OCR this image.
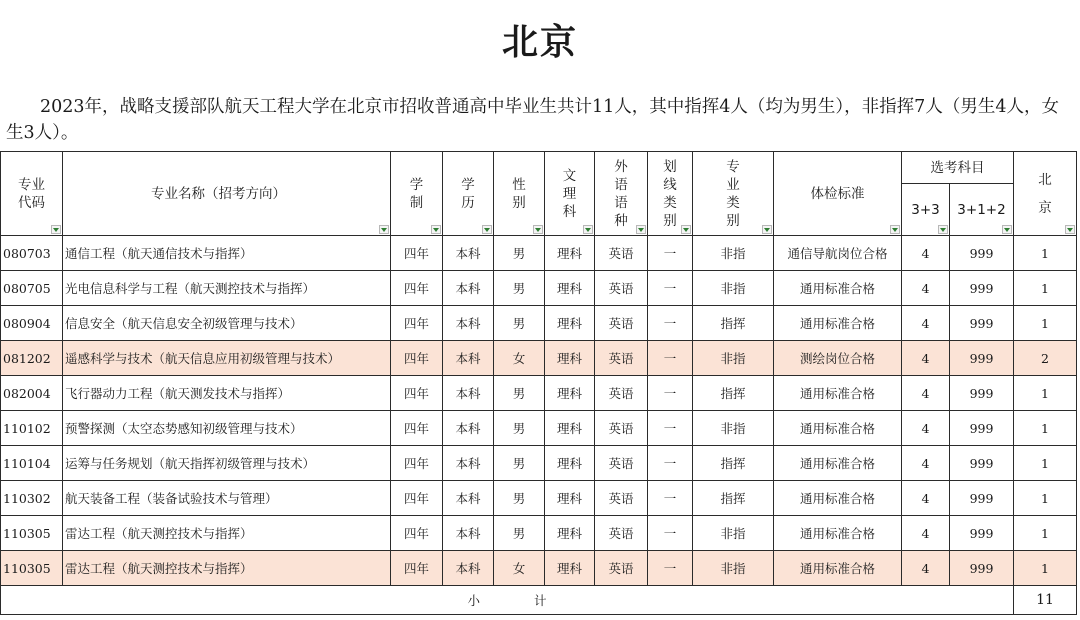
北京
2023年，战略支援部队航天工程大学在北京市招收普通高中毕业生共计11人，其中指挥4人（均为男生），非指挥7人（男生4人，女生3人）。
专业代码	专业名称（招考方向）	学制	学历	性别	文理科	外语语种	划线类别	专业类别	体检标准	选考科目		北京

										3+3	3+1+2	

080703	通信工程（航天通信技术与指挥）	四年	本科	男	理科	英语	一	非指	通信导航岗位合格	4	999	1
080705	光电信息科学与工程（航天测控技术与指挥）	四年	本科	男	理科	英语	一	非指	通用标准合格	4	999	1
080904	信息安全（航天信息安全初级管理与技术）	四年	本科	男	理科	英语	一	指挥	通用标准合格	4	999	1
081202	遥感科学与技术（航天信息应用初级管理与技术）	四年	本科	女	理科	英语	一	非指	测绘岗位合格	4	999	2
082004	飞行器动力工程（航天测发技术与指挥）	四年	本科	男	理科	英语	一	指挥	通用标准合格	4	999	1
110102	预警探测（太空态势感知初级管理与技术）	四年	本科	男	理科	英语	一	非指	通用标准合格	4	999	1
110104	运筹与任务规划（航天指挥初级管理与技术）	四年	本科	男	理科	英语	一	指挥	通用标准合格	4	999	1
110302	航天装备工程（装备试验技术与管理）	四年	本科	男	理科	英语	一	指挥	通用标准合格	4	999	1
110305	雷达工程（航天测控技术与指挥）	四年	本科	男	理科	英语	一	非指	通用标准合格	4	999	1
110305	雷达工程（航天测控技术与指挥）	四年	本科	女	理科	英语	一	非指	通用标准合格	4	999	1
小 计												11
